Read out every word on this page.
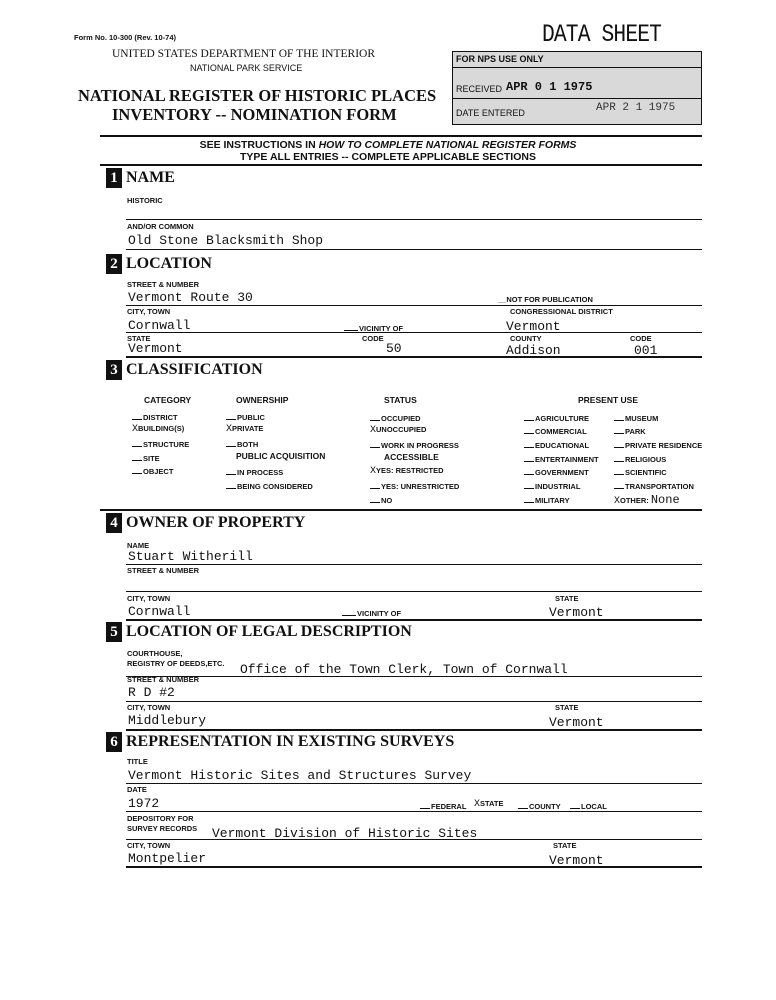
Form No. 10-300 (Rev. 10-74)
UNITED STATES DEPARTMENT OF THE INTERIOR
NATIONAL PARK SERVICE
NATIONAL REGISTER OF HISTORIC PLACES
INVENTORY -- NOMINATION FORM
DATA SHEET
FOR NPS USE ONLY
RECEIVED APR 0 1 1975
DATE ENTERED	APR 2 1 1975
SEE INSTRUCTIONS IN HOW TO COMPLETE NATIONAL REGISTER FORMS
TYPE ALL ENTRIES -- COMPLETE APPLICABLE SECTIONS
1 NAME
HISTORIC
AND/OR COMMON
Old Stone Blacksmith Shop
2 LOCATION
STREET & NUMBER
Vermont Route 30	__NOT FOR PUBLICATION
CITY, TOWN	CONGRESSIONAL DISTRICT
Cornwall	VICINITY OF	Vermont
STATE	CODE	COUNTY	CODE
Vermont	50	Addison	001
3 CLASSIFICATION
CATEGORY	OWNERSHIP	STATUS	PRESENT USE
DISTRICT
XBUILDING(S)
STRUCTURE
SITE
OBJECT
PUBLIC
XPRIVATE
BOTH
PUBLIC ACQUISITION
IN PROCESS
BEING CONSIDERED
OCCUPIED
XUNOCCUPIED
WORK IN PROGRESS
ACCESSIBLE
XYES: RESTRICTED
YES: UNRESTRICTED
NO
AGRICULTURE
COMMERCIAL
EDUCATIONAL
ENTERTAINMENT
GOVERNMENT
INDUSTRIAL
MILITARY
MUSEUM
PARK
PRIVATE RESIDENCE
RELIGIOUS
SCIENTIFIC
TRANSPORTATION
XOTHER: None
4 OWNER OF PROPERTY
NAME
Stuart Witherill
STREET & NUMBER
CITY, TOWN	STATE
Cornwall	VICINITY OF	Vermont
5 LOCATION OF LEGAL DESCRIPTION
COURTHOUSE,
REGISTRY OF DEEDS,ETC. Office of the Town Clerk, Town of Cornwall
STREET & NUMBER
R D #2
CITY, TOWN	STATE
Middlebury	Vermont
6 REPRESENTATION IN EXISTING SURVEYS
TITLE
Vermont Historic Sites and Structures Survey
DATE
1972	FEDERAL XSTATE	COUNTY	LOCAL
DEPOSITORY FOR
SURVEY RECORDS Vermont Division of Historic Sites
CITY, TOWN	STATE
Montpelier	Vermont
